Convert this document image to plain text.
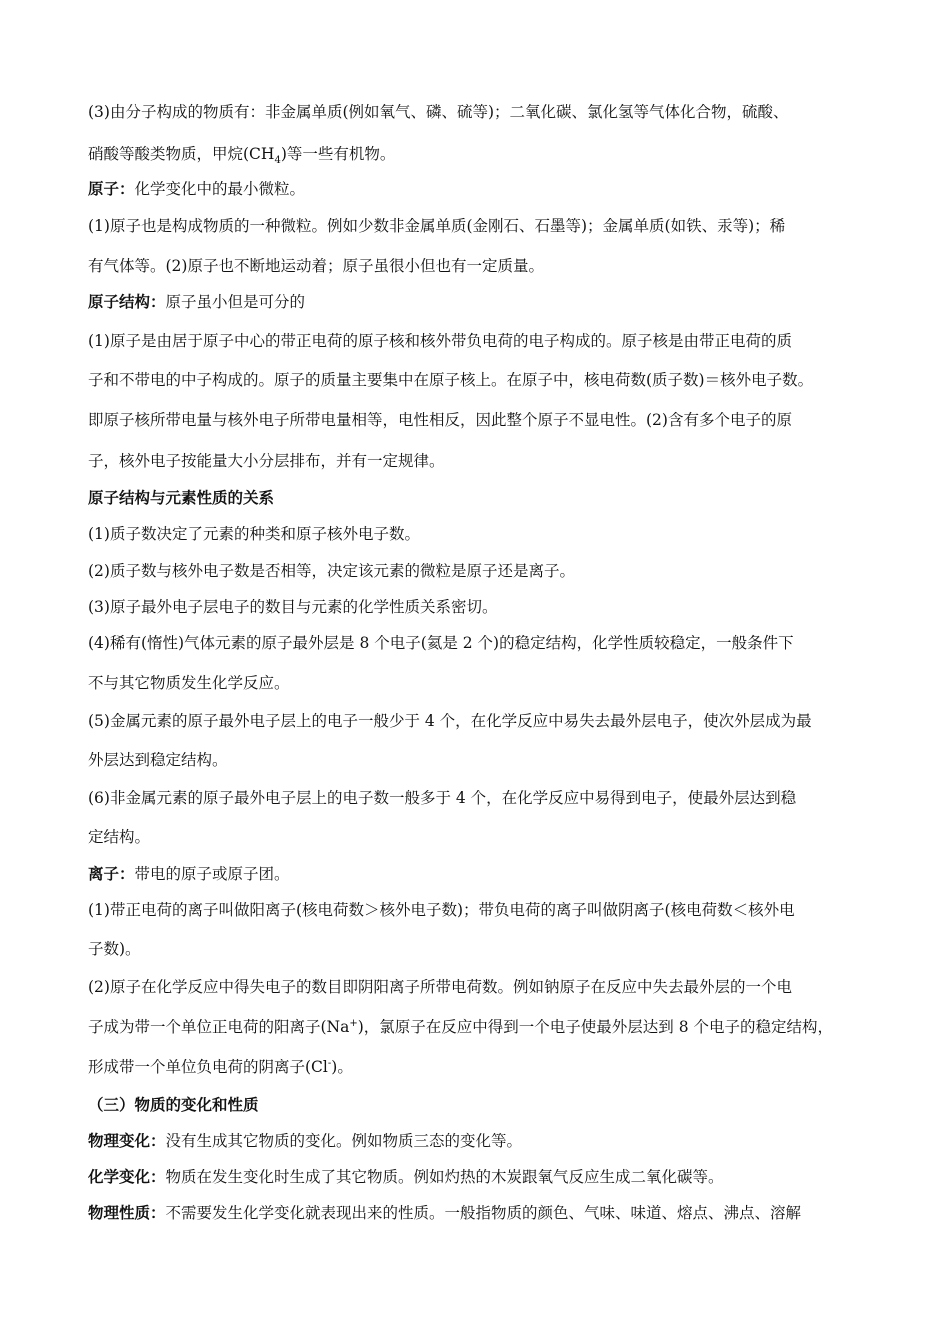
(3)由分子构成的物质有：非金属单质(例如氧气、磷、硫等)；二氧化碳、氯化氢等气体化合物，硫酸、
硝酸等酸类物质，甲烷$(CH_4)$等一些有机物。
原子：化学变化中的最小微粒。
(1)原子也是构成物质的一种微粒。例如少数非金属单质(金刚石、石墨等)；金属单质(如铁、汞等)；稀
有气体等。(2)原子也不断地运动着；原子虽很小但也有一定质量。
原子结构：原子虽小但是可分的
(1)原子是由居于原子中心的带正电荷的原子核和核外带负电荷的电子构成的。原子核是由带正电荷的质
子和不带电的中子构成的。原子的质量主要集中在原子核上。在原子中，核电荷数(质子数)＝核外电子数。
即原子核所带电量与核外电子所带电量相等，电性相反，因此整个原子不显电性。(2)含有多个电子的原
子，核外电子按能量大小分层排布，并有一定规律。
原子结构与元素性质的关系
(1)质子数决定了元素的种类和原子核外电子数。
(2)质子数与核外电子数是否相等，决定该元素的微粒是原子还是离子。
(3)原子最外电子层电子的数目与元素的化学性质关系密切。
(4)稀有(惰性)气体元素的原子最外层是 8 个电子(氦是 2 个)的稳定结构，化学性质较稳定，一般条件下
不与其它物质发生化学反应。
(5)金属元素的原子最外电子层上的电子一般少于 4 个，在化学反应中易失去最外层电子，使次外层成为最
外层达到稳定结构。
(6)非金属元素的原子最外电子层上的电子数一般多于 4 个，在化学反应中易得到电子，使最外层达到稳
定结构。
离子：带电的原子或原子团。
(1)带正电荷的离子叫做阳离子(核电荷数＞核外电子数)；带负电荷的离子叫做阴离子(核电荷数＜核外电
子数)。
(2)原子在化学反应中得失电子的数目即阴阳离子所带电荷数。例如钠原子在反应中失去最外层的一个电
子成为带一个单位正电荷的阳离子(Na+)，氯原子在反应中得到一个电子使最外层达到 8 个电子的稳定结构，
形成带一个单位负电荷的阴离子(Cl-)。
（三）物质的变化和性质
物理变化：没有生成其它物质的变化。例如物质三态的变化等。
化学变化：物质在发生变化时生成了其它物质。例如灼热的木炭跟氧气反应生成二氧化碳等。
物理性质：不需要发生化学变化就表现出来的性质。一般指物质的颜色、气味、味道、熔点、沸点、溶解
